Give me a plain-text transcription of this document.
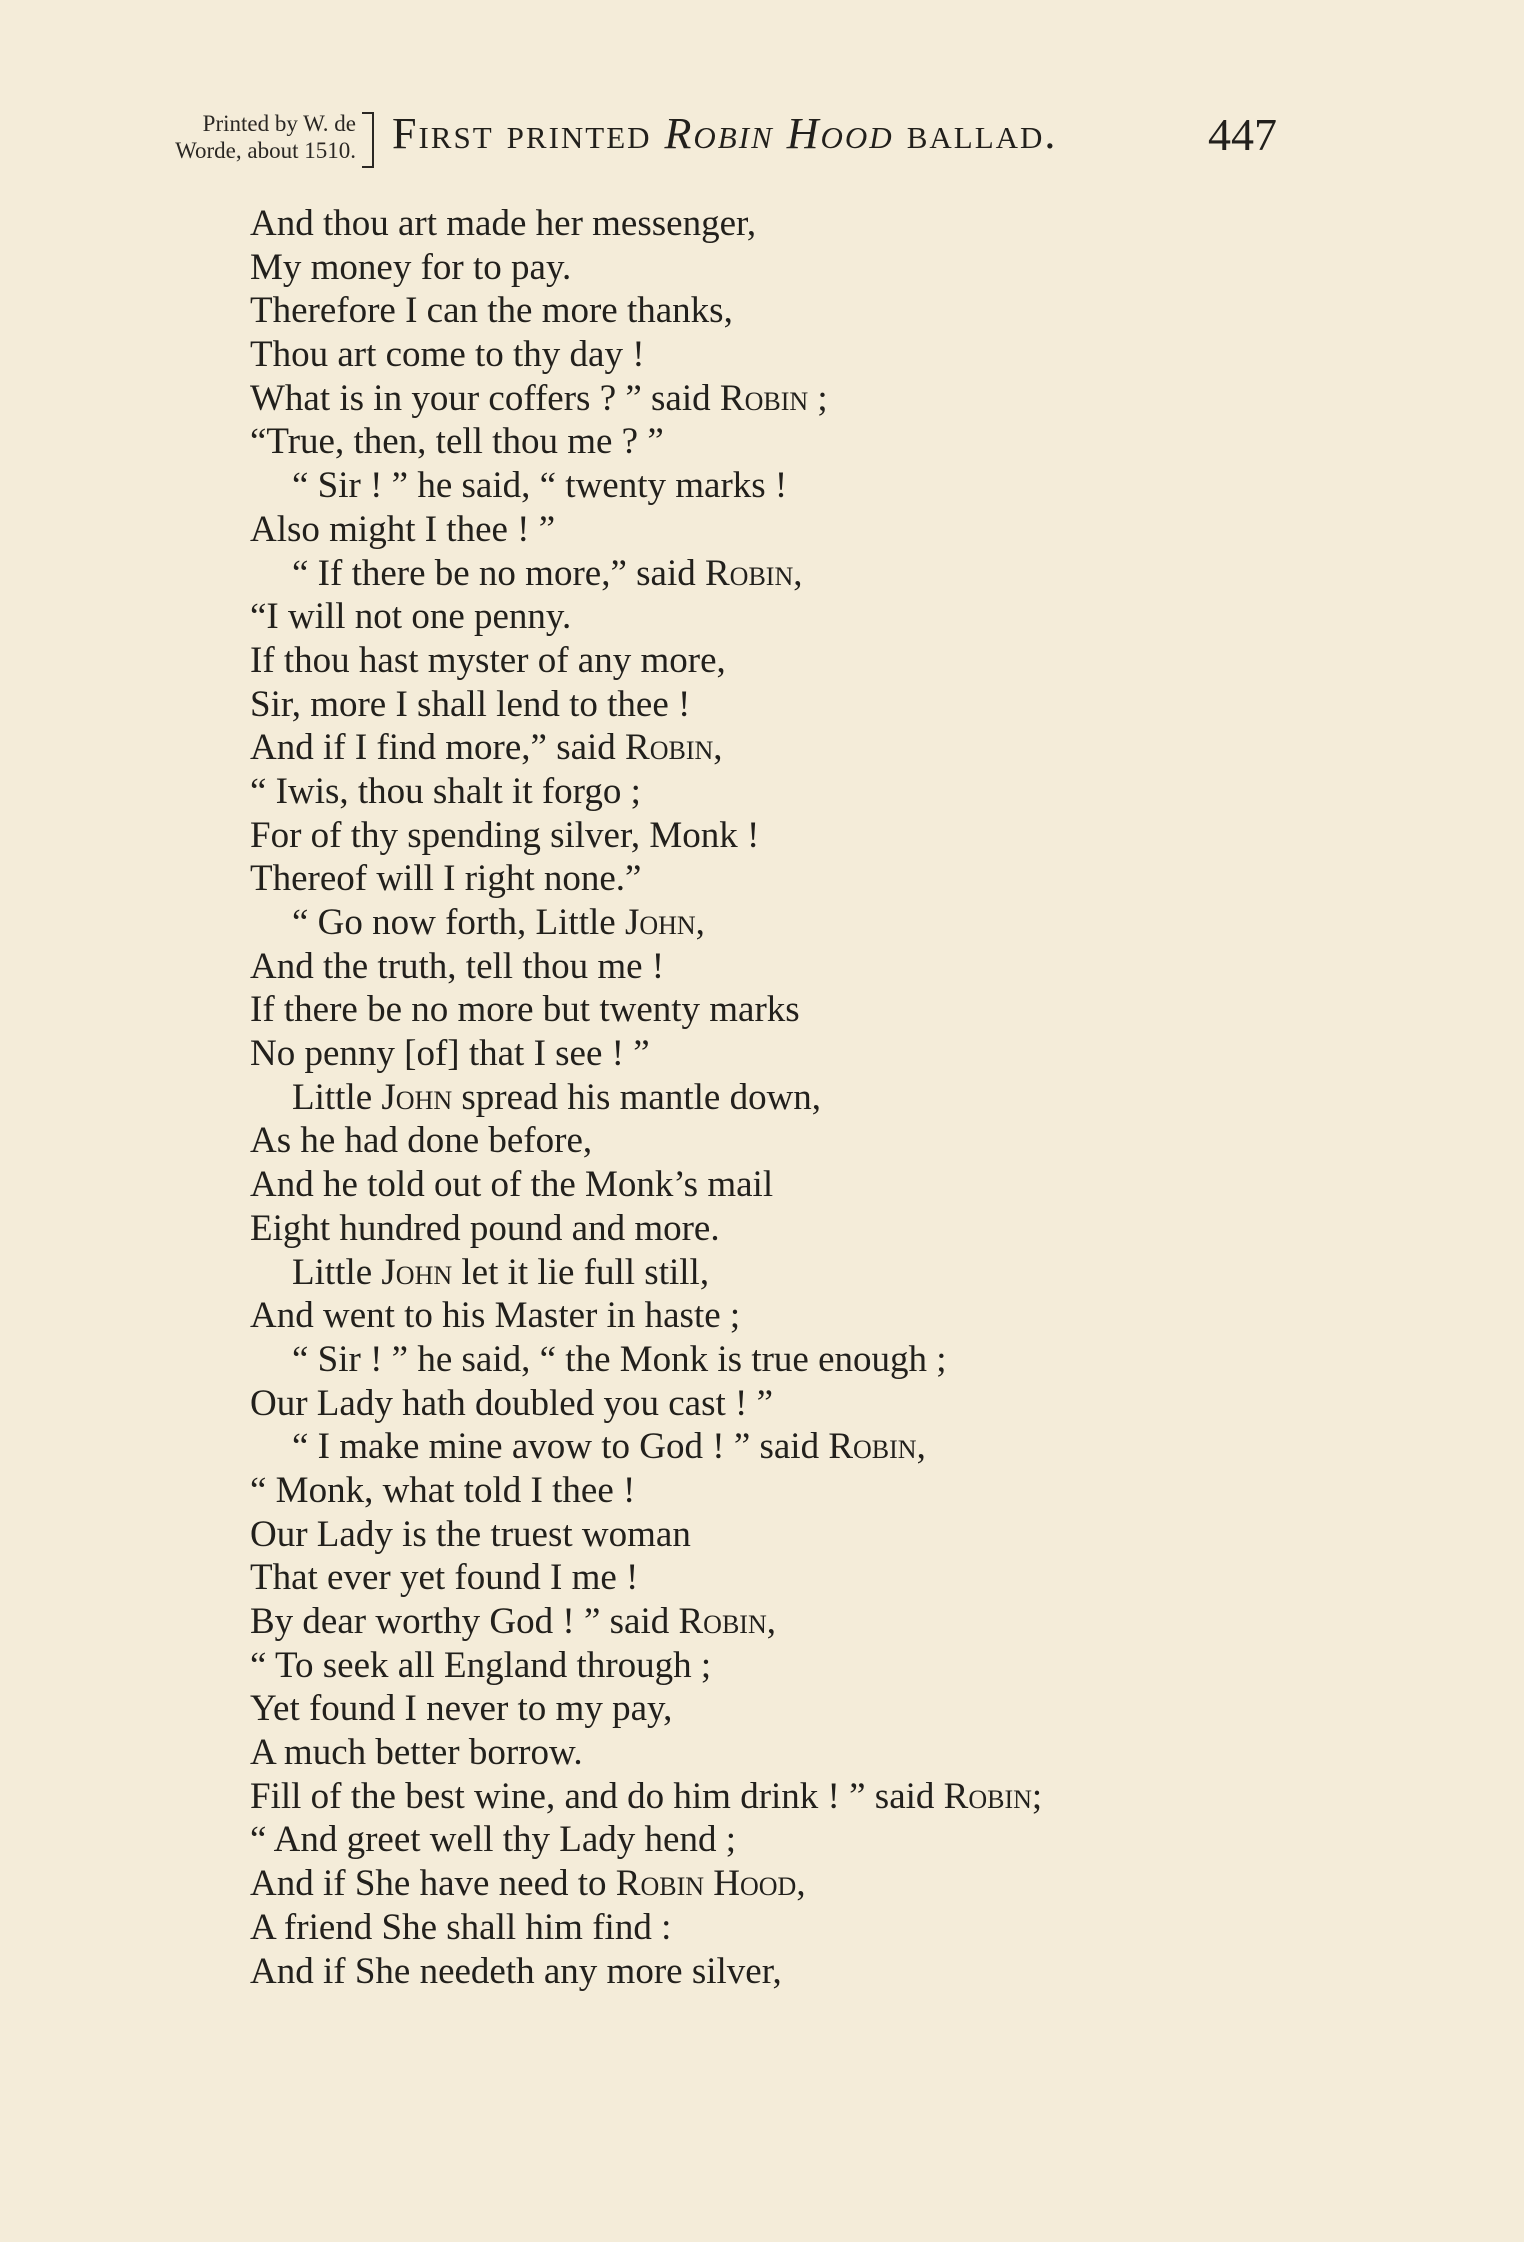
Printed by W. de
Worde, about 1510. First printed Robin Hood ballad.	447
And thou art made her messenger,
My money for to pay.
Therefore I can the more thanks,
Thou art come to thy day !
What is in your coffers ? ” said Robin ;
“True, then, tell thou me ? ”
“ Sir ! ” he said, “ twenty marks !
Also might I thee ! ”
“ If there be no more,” said Robin,
“I will not one penny.
If thou hast myster of any more,
Sir, more I shall lend to thee !
And if I find more,” said Robin,
“ Iwis, thou shalt it forgo ;
For of thy spending silver, Monk !
Thereof will I right none.”
“ Go now forth, Little John,
And the truth, tell thou me !
If there be no more but twenty marks
No penny [of] that I see ! ”
Little John spread his mantle down,
As he had done before,
And he told out of the Monk’s mail
Eight hundred pound and more.
Little John let it lie full still,
And went to his Master in haste ;
“ Sir ! ” he said, “ the Monk is true enough ;
Our Lady hath doubled you cast ! ”
“ I make mine avow to God ! ” said Robin,
“ Monk, what told I thee !
Our Lady is the truest woman
That ever yet found I me !
By dear worthy God ! ” said Robin,
“ To seek all England through ;
Yet found I never to my pay,
A much better borrow.
Fill of the best wine, and do him drink ! ” said Robin;
“ And greet well thy Lady hend ;
And if She have need to Robin Hood,
A friend She shall him find :
And if She needeth any more silver,
